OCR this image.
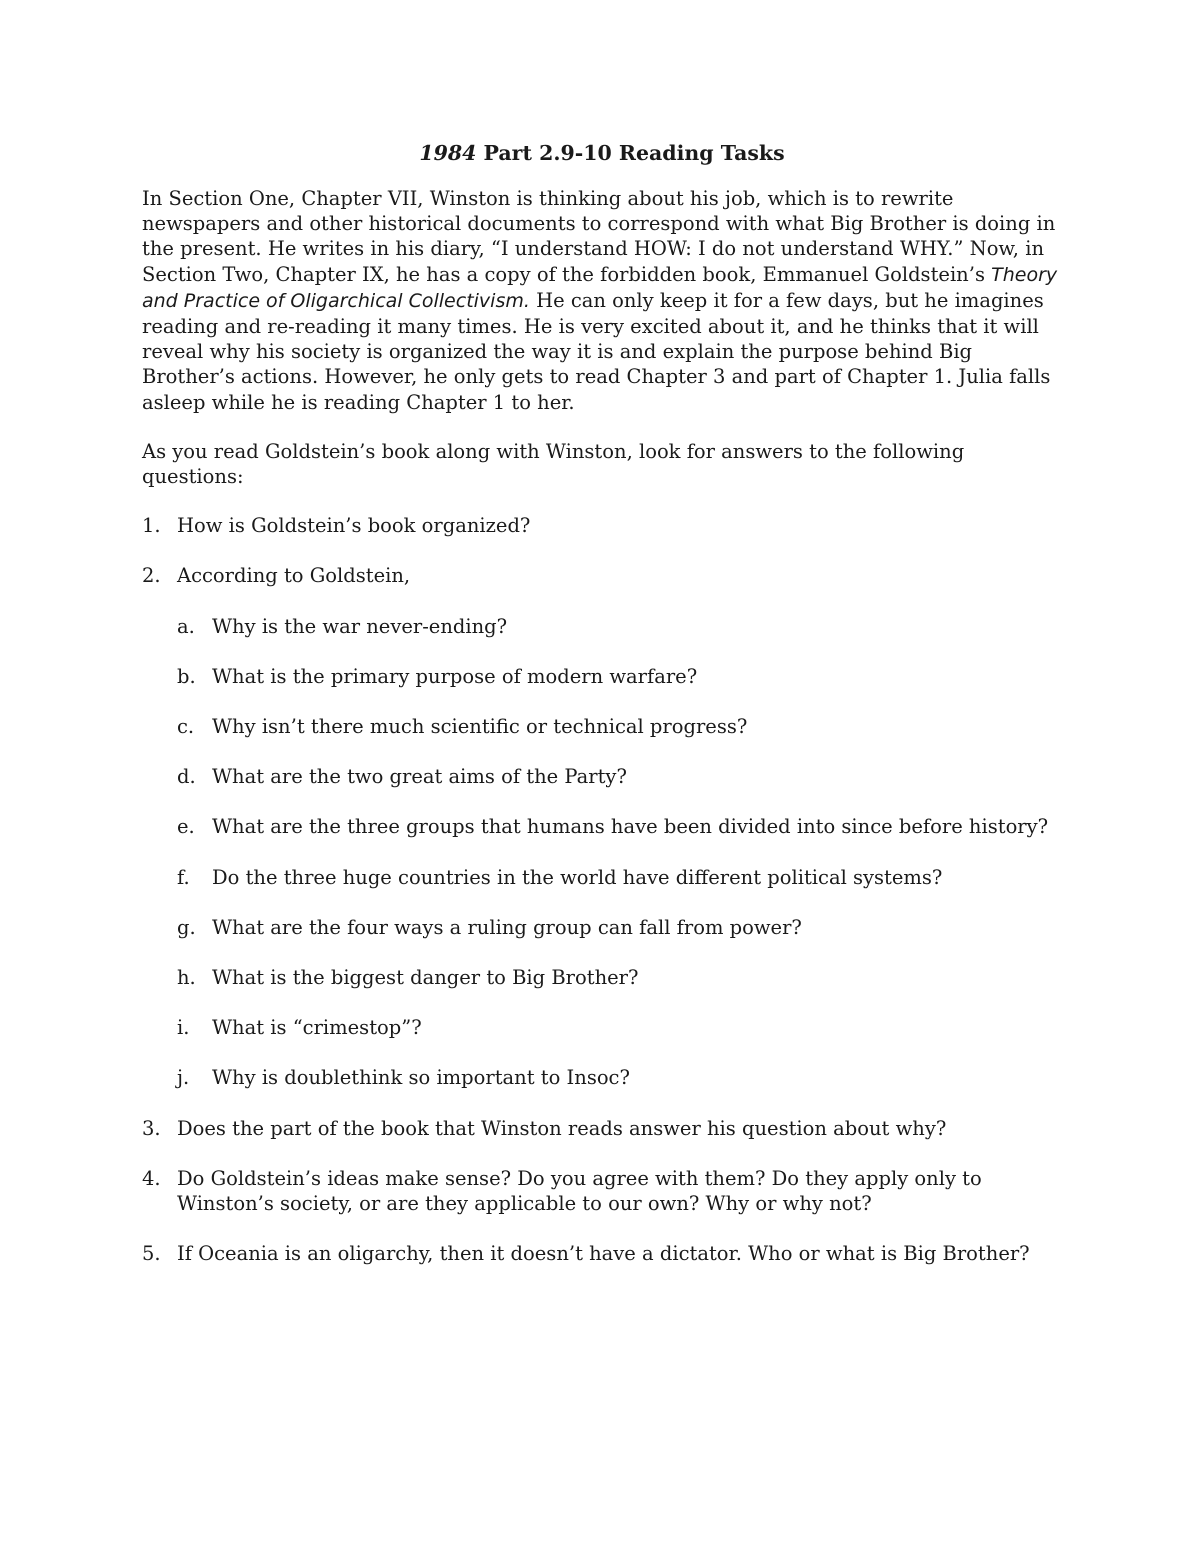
1984 Part 2.9-10 Reading Tasks
In Section One, Chapter VII, Winston is thinking about his job, which is to rewrite newspapers and other historical documents to correspond with what Big Brother is doing in the present. He writes in his diary, “I understand HOW: I do not understand WHY.” Now, in Section Two, Chapter IX, he has a copy of the forbidden book, Emmanuel Goldstein’s Theory and Practice of Oligarchical Collectivism. He can only keep it for a few days, but he imagines reading and re-reading it many times. He is very excited about it, and he thinks that it will reveal why his society is organized the way it is and explain the purpose behind Big Brother’s actions. However, he only gets to read Chapter 3 and part of Chapter 1. Julia falls asleep while he is reading Chapter 1 to her.
As you read Goldstein’s book along with Winston, look for answers to the following questions:
1. How is Goldstein’s book organized?
2. According to Goldstein,
a. Why is the war never-ending?
b. What is the primary purpose of modern warfare?
c. Why isn’t there much scientific or technical progress?
d. What are the two great aims of the Party?
e. What are the three groups that humans have been divided into since before history?
f.	Do the three huge countries in the world have different political systems?
g. What are the four ways a ruling group can fall from power?
h. What is the biggest danger to Big Brother?
i.	What is “crimestop”?
j.	Why is doublethink so important to Insoc?
3. Does the part of the book that Winston reads answer his question about why?
4. Do Goldstein’s ideas make sense? Do you agree with them? Do they apply only to Winston’s society, or are they applicable to our own? Why or why not?
5. If Oceania is an oligarchy, then it doesn’t have a dictator. Who or what is Big Brother?
